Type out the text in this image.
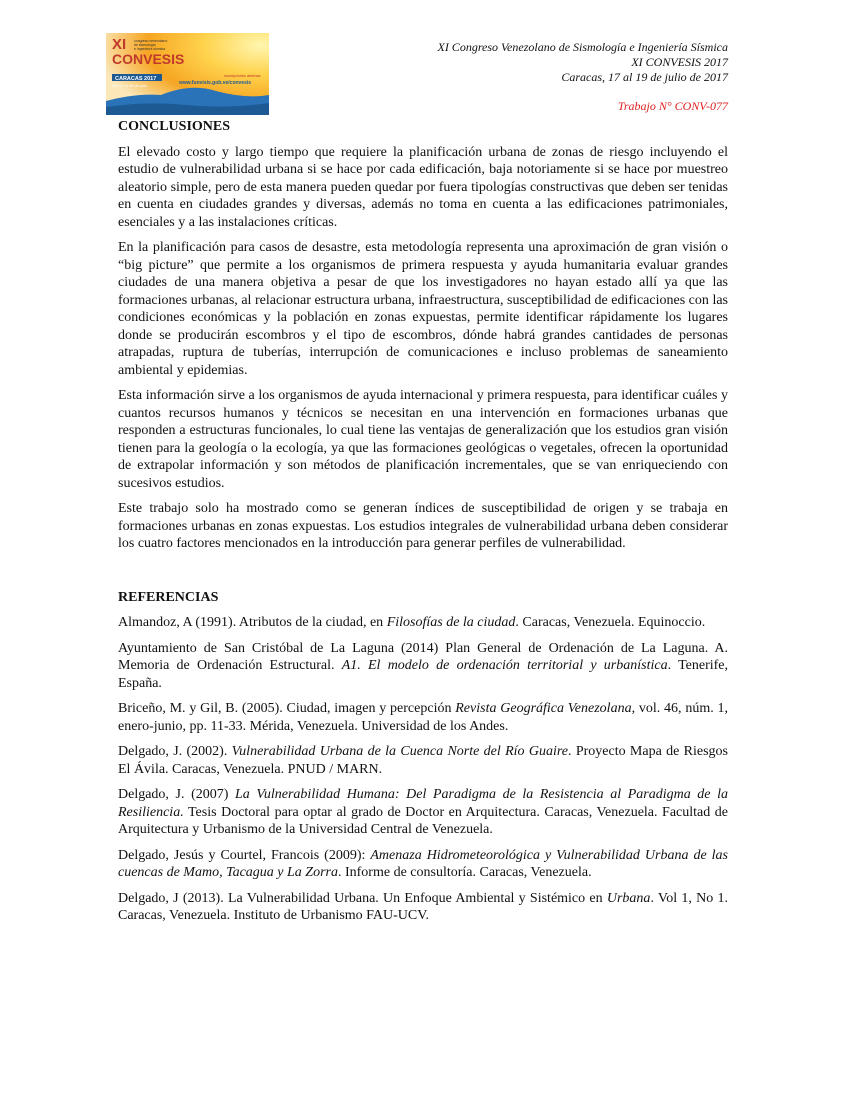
XI congreso venezolano
de sismología
e ingeniería sísmica
CONVESIS
CARACAS 2017
Del 17 al 19 de julio
inscripciones abiertas
www.funvisis.gob.ve/convesis
XI Congreso Venezolano de Sismología e Ingeniería Sísmica
XI CONVESIS 2017
Caracas, 17 al 19 de julio de 2017
Trabajo N° CONV-077
CONCLUSIONES

El elevado costo y largo tiempo que requiere la planificación urbana de zonas de riesgo incluyendo el estudio de vulnerabilidad urbana si se hace por cada edificación, baja notoriamente si se hace por muestreo aleatorio simple, pero de esta manera pueden quedar por fuera tipologías constructivas que deben ser tenidas en cuenta en ciudades grandes y diversas, además no toma en cuenta a las edificaciones patrimoniales, esenciales y a las instalaciones críticas.

En la planificación para casos de desastre, esta metodología representa una aproximación de gran visión o “big picture” que permite a los organismos de primera respuesta y ayuda humanitaria evaluar grandes ciudades de una manera objetiva a pesar de que los investigadores no hayan estado allí ya que las formaciones urbanas, al relacionar estructura urbana, infraestructura, susceptibilidad de edificaciones con las condiciones económicas y la población en zonas expuestas, permite identificar rápidamente los lugares donde se producirán escombros y el tipo de escombros, dónde habrá grandes cantidades de personas atrapadas, ruptura de tuberías, interrupción de comunicaciones e incluso problemas de saneamiento ambiental y epidemias.

Esta información sirve a los organismos de ayuda internacional y primera respuesta, para identificar cuáles y cuantos recursos humanos y técnicos se necesitan en una intervención en formaciones urbanas que responden a estructuras funcionales, lo cual tiene las ventajas de generalización que los estudios gran visión tienen para la geología o la ecología, ya que las formaciones geológicas o vegetales, ofrecen la oportunidad de extrapolar información y son métodos de planificación incrementales, que se van enriqueciendo con sucesivos estudios.

Este trabajo solo ha mostrado como se generan índices de susceptibilidad de origen y se trabaja en formaciones urbanas en zonas expuestas. Los estudios integrales de vulnerabilidad urbana deben considerar los cuatro factores mencionados en la introducción para generar perfiles de vulnerabilidad.

REFERENCIAS

Almandoz, A (1991). Atributos de la ciudad, en Filosofías de la ciudad. Caracas, Venezuela. Equinoccio.

Ayuntamiento de San Cristóbal de La Laguna (2014) Plan General de Ordenación de La Laguna. A. Memoria de Ordenación Estructural. A1. El modelo de ordenación territorial y urbanística. Tenerife, España.

Briceño, M. y Gil, B. (2005). Ciudad, imagen y percepción Revista Geográfica Venezolana, vol. 46, núm. 1, enero-junio, pp. 11-33. Mérida, Venezuela. Universidad de los Andes.

Delgado, J. (2002). Vulnerabilidad Urbana de la Cuenca Norte del Río Guaire. Proyecto Mapa de Riesgos El Ávila. Caracas, Venezuela. PNUD / MARN.

Delgado, J. (2007) La Vulnerabilidad Humana: Del Paradigma de la Resistencia al Paradigma de la Resiliencia. Tesis Doctoral para optar al grado de Doctor en Arquitectura. Caracas, Venezuela. Facultad de Arquitectura y Urbanismo de la Universidad Central de Venezuela.

Delgado, Jesús y Courtel, Francois (2009): Amenaza Hidrometeorológica y Vulnerabilidad Urbana de las cuencas de Mamo, Tacagua y La Zorra. Informe de consultoría. Caracas, Venezuela.

Delgado, J (2013). La Vulnerabilidad Urbana. Un Enfoque Ambiental y Sistémico en Urbana. Vol 1, No 1. Caracas, Venezuela. Instituto de Urbanismo FAU-UCV.
